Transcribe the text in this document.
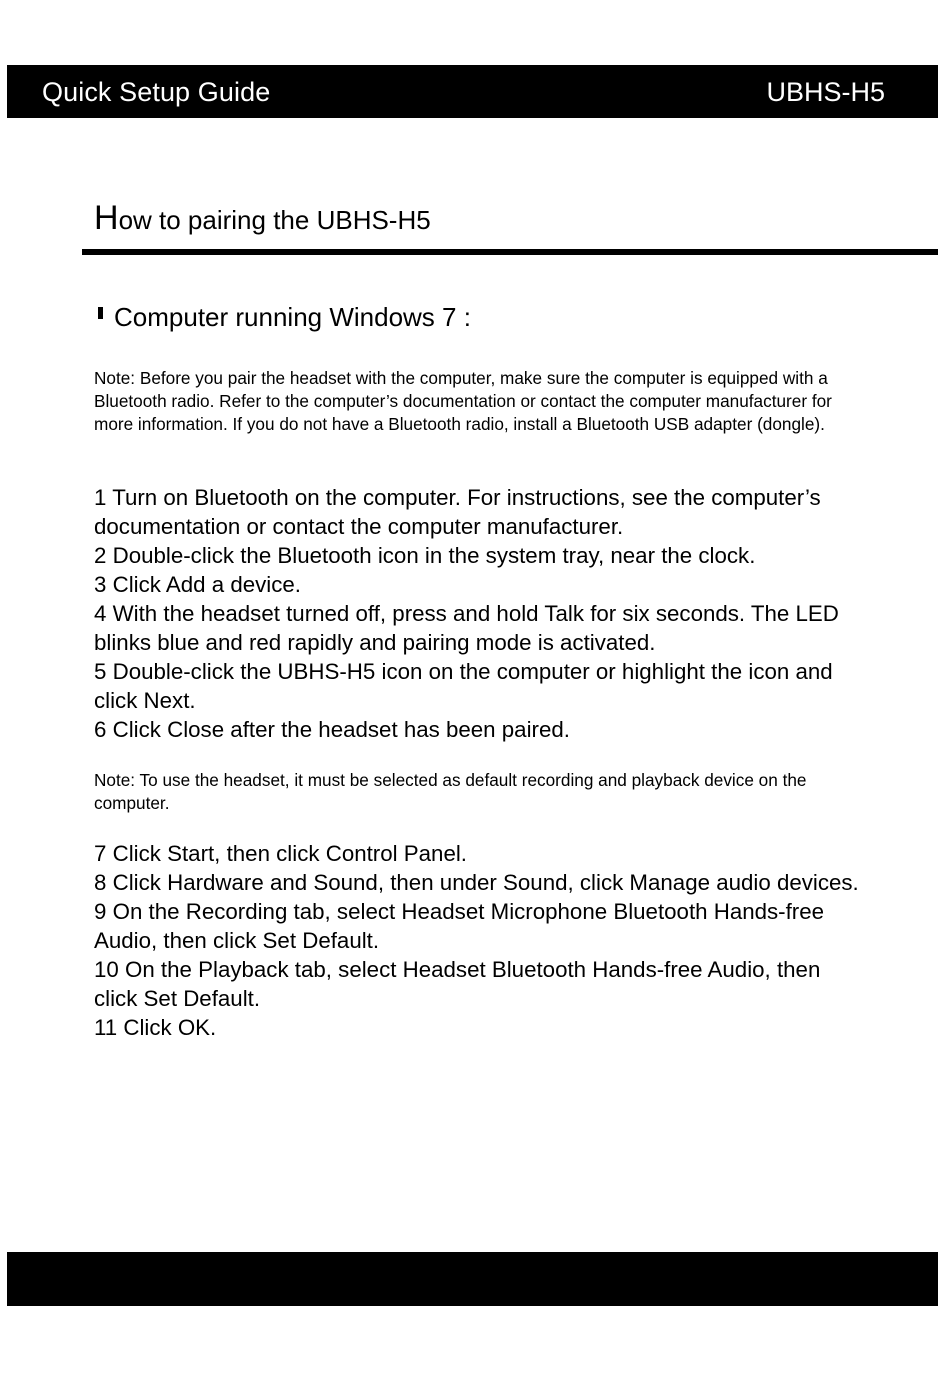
Quick Setup Guide	UBHS-H5
How to pairing the UBHS-H5
Computer running Windows 7 :
Note: Before you pair the headset with the computer, make sure the computer is equipped with a Bluetooth radio. Refer to the computer’s documentation or contact the computer manufacturer for more information. If you do not have a Bluetooth radio, install a Bluetooth USB adapter (dongle).
1 Turn on Bluetooth on the computer. For instructions, see the computer’s documentation or contact the computer manufacturer.
2 Double-click the Bluetooth icon in the system tray, near the clock.
3 Click Add a device.
4 With the headset turned off, press and hold Talk for six seconds. The LED blinks blue and red rapidly and pairing mode is activated.
5 Double-click the UBHS-H5 icon on the computer or highlight the icon and click Next.
6 Click Close after the headset has been paired.
Note: To use the headset, it must be selected as default recording and playback device on the computer.
7 Click Start, then click Control Panel.
8 Click Hardware and Sound, then under Sound, click Manage audio devices.
9 On the Recording tab, select Headset Microphone Bluetooth Hands-free Audio, then click Set Default.
10 On the Playback tab, select Headset Bluetooth Hands-free Audio, then click Set Default.
11 Click OK.
